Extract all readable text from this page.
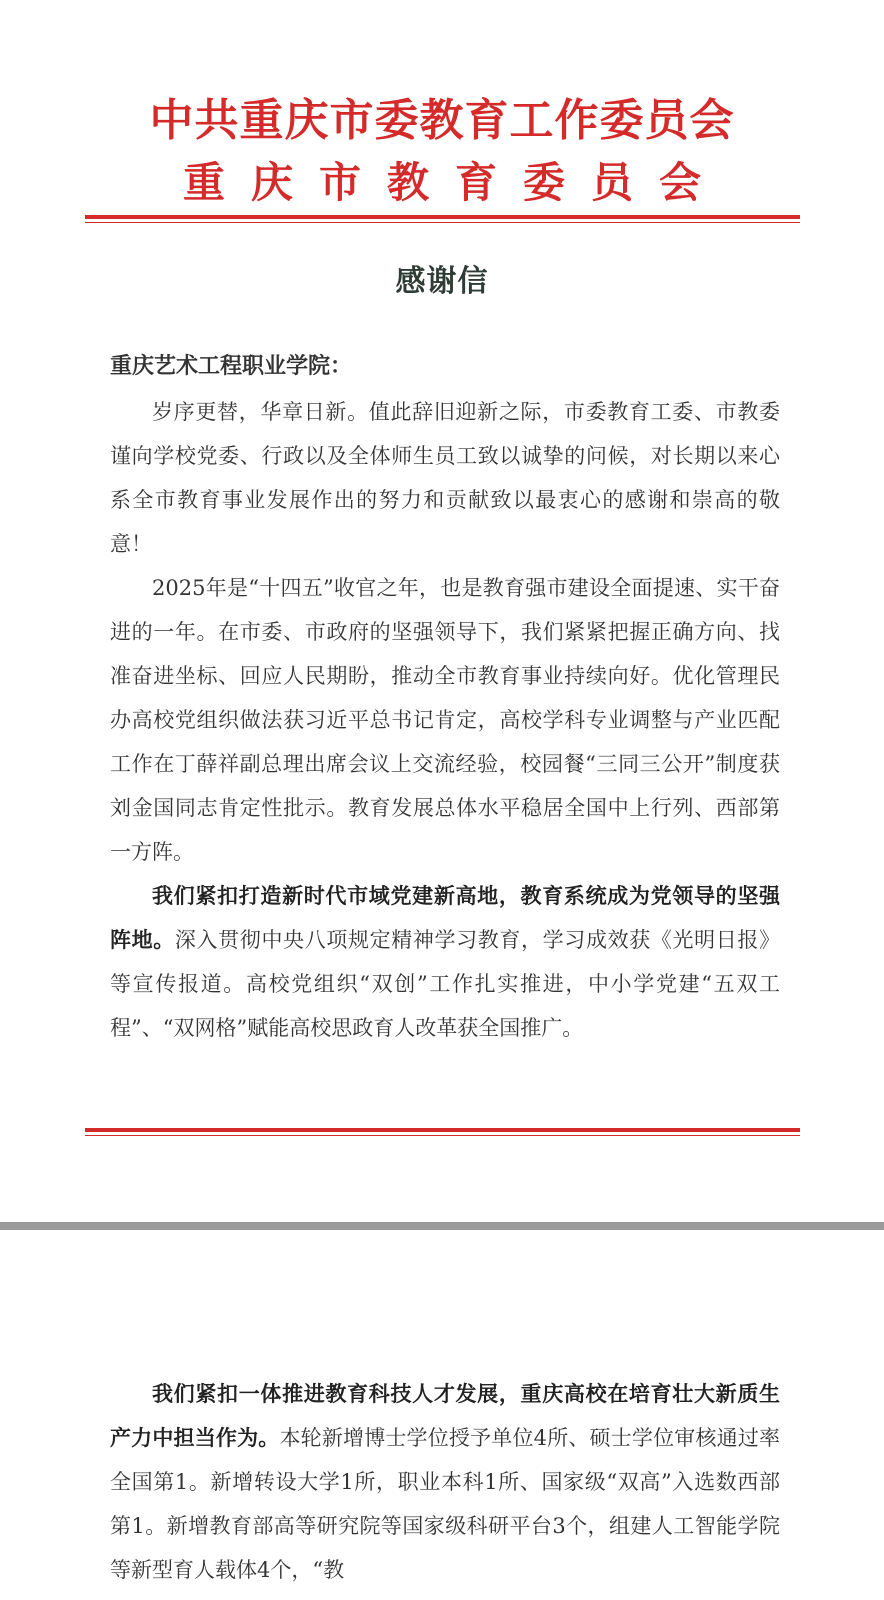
中共重庆市委教育工作委员会
重庆市教育委员会
感谢信
重庆艺术工程职业学院：

岁序更替，华章日新。值此辞旧迎新之际，市委教育工委、市教委谨向学校党委、行政以及全体师生员工致以诚挚的问候，对长期以来心系全市教育事业发展作出的努力和贡献致以最衷心的感谢和崇高的敬意！

2025年是“十四五”收官之年，也是教育强市建设全面提速、实干奋进的一年。在市委、市政府的坚强领导下，我们紧紧把握正确方向、找准奋进坐标、回应人民期盼，推动全市教育事业持续向好。优化管理民办高校党组织做法获习近平总书记肯定，高校学科专业调整与产业匹配工作在丁薛祥副总理出席会议上交流经验，校园餐“三同三公开”制度获刘金国同志肯定性批示。教育发展总体水平稳居全国中上行列、西部第一方阵。

我们紧扣打造新时代市域党建新高地，教育系统成为党领导的坚强阵地。深入贯彻中央八项规定精神学习教育，学习成效获《光明日报》等宣传报道。高校党组织“双创”工作扎实推进，中小学党建“五双工程”、“双网格”赋能高校思政育人改革获全国推广。

我们紧扣一体推进教育科技人才发展，重庆高校在培育壮大新质生产力中担当作为。本轮新增博士学位授予单位4所、硕士学位审核通过率全国第1。新增转设大学1所，职业本科1所、国家级“双高”入选数西部第1。新增教育部高等研究院等国家级科研平台3个，组建人工智能学院等新型育人载体4个，“教
